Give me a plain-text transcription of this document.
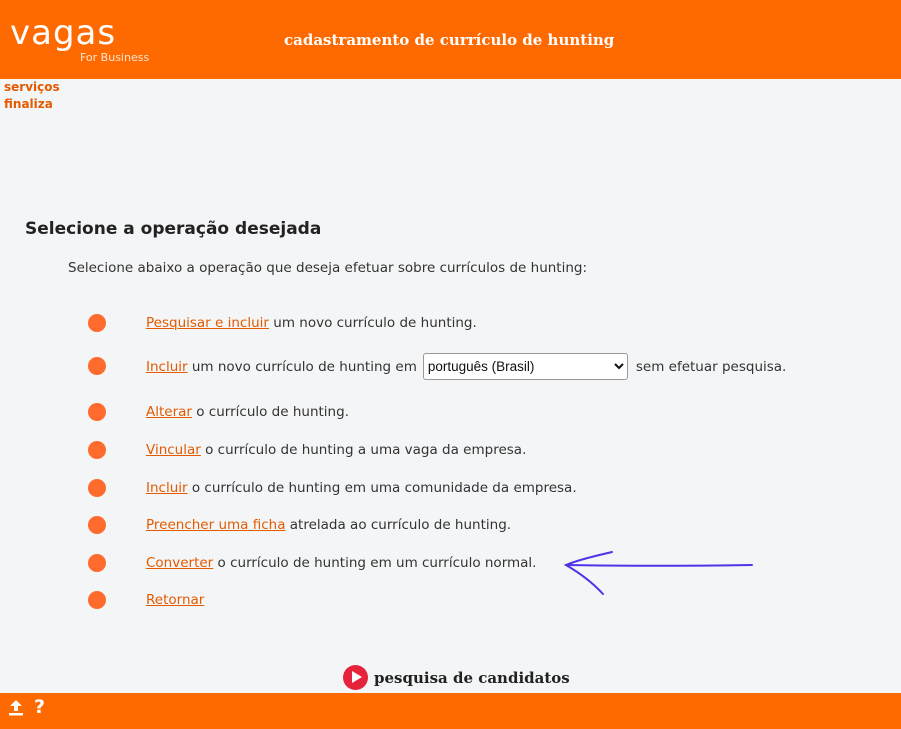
vagas
For Business
cadastramento de currículo de hunting
serviços
finaliza
Selecione a operação desejada
Selecione abaixo a operação que deseja efetuar sobre currículos de hunting:
Pesquisar e incluir um novo currículo de hunting.
Incluir um novo currículo de hunting em
português (Brasil)	sem efetuar pesquisa.
Alterar o currículo de hunting.
Vincular o currículo de hunting a uma vaga da empresa.
Incluir o currículo de hunting em uma comunidade da empresa.
Preencher uma ficha atrelada ao currículo de hunting.
Converter o currículo de hunting em um currículo normal.
Retornar
pesquisa de candidatos
?
